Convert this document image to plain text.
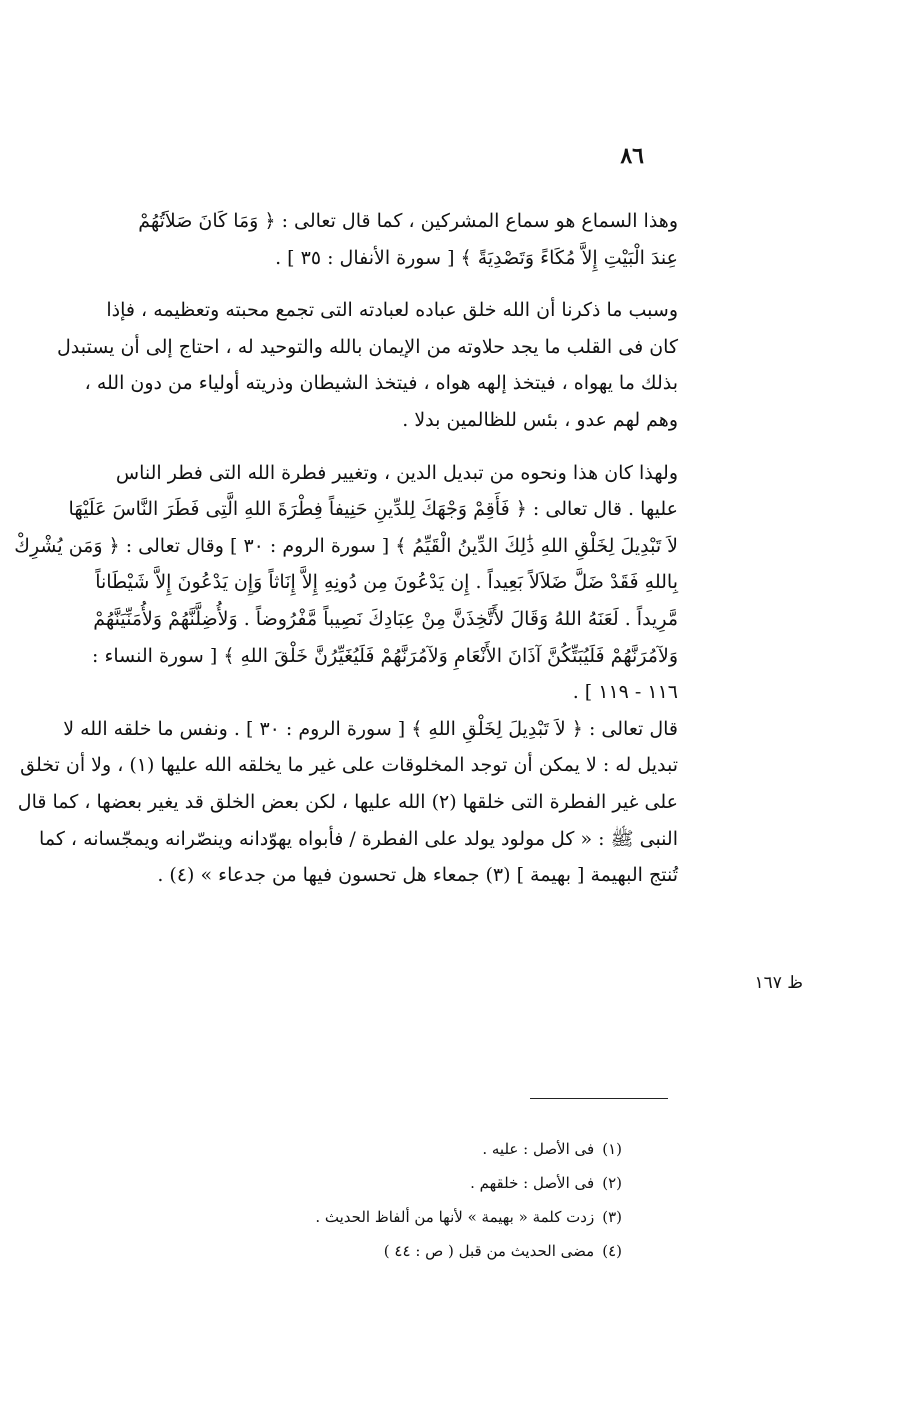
٨٦

وهذا السماع هو سماع المشركين ، كما قال تعالى : ﴿ وَمَا كَانَ صَلاَتُهُمْ
عِندَ الْبَيْتِ إِلاَّ مُكَاءً وَتَصْدِيَةً ﴾ [ سورة الأنفال : ٣٥ ] .

وسبب ما ذكرنا أن الله خلق عباده لعبادته التى تجمع محبته وتعظيمه ، فإذا
كان فى القلب ما يجد حلاوته من الإيمان بالله والتوحيد له ، احتاج إلى أن يستبدل
بذلك ما يهواه ، فيتخذ إلهه هواه ، فيتخذ الشيطان وذريته أولياء من دون الله ،
وهم لهم عدو ، بئس للظالمين بدلا .

ولهذا كان هذا ونحوه من تبديل الدين ، وتغيير فطرة الله التى فطر الناس
عليها . قال تعالى : ﴿ فَأَقِمْ وَجْهَكَ لِلدِّينِ حَنِيفاً فِطْرَةَ اللهِ الَّتِى فَطَرَ النَّاسَ عَلَيْهَا
لاَ تَبْدِيلَ لِخَلْقِ اللهِ ذَٰلِكَ الدِّينُ الْقَيِّمُ ﴾ [ سورة الروم : ٣٠ ] وقال تعالى : ﴿ وَمَن يُشْرِكْ
بِاللهِ فَقَدْ ضَلَّ ضَلاَلاً بَعِيداً . إِن يَدْعُونَ مِن دُونِهِ إِلاَّ إِنَاثاً وَإِن يَدْعُونَ إِلاَّ شَيْطَاناً
مَّرِيداً . لَعَنَهُ اللهُ وَقَالَ لأَتَّخِذَنَّ مِنْ عِبَادِكَ نَصِيباً مَّفْرُوضاً . وَلأُضِلَّنَّهُمْ وَلأُمَنِّيَنَّهُمْ
وَلآمُرَنَّهُمْ فَلَيُبَتِّكُنَّ آذَانَ الأَنْعَامِ وَلآمُرَنَّهُمْ فَلَيُغَيِّرُنَّ خَلْقَ اللهِ ﴾ [ سورة النساء :
١١٦ - ١١٩ ] .

قال تعالى : ﴿ لاَ تَبْدِيلَ لِخَلْقِ اللهِ ﴾ [ سورة الروم : ٣٠ ] . ونفس ما خلقه الله لا
تبديل له : لا يمكن أن توجد المخلوقات على غير ما يخلقه الله عليها (١) ، ولا أن تخلق
على غير الفطرة التى خلقها (٢) الله عليها ، لكن بعض الخلق قد يغير بعضها ، كما قال
النبى ﷺ : « كل مولود يولد على الفطرة / فأبواه يهوّدانه وينصّرانه ويمجّسانه ، كما
تُنتج البهيمة [ بهيمة ] (٣) جمعاء هل تحسون فيها من جدعاء » (٤) .

ظ ١٦٧
(١)فى الأصل : عليه .
(٢)فى الأصل : خلقهم .
(٣)زدت كلمة « بهيمة » لأنها من ألفاظ الحديث .
(٤)مضى الحديث من قبل ( ص : ٤٤ )
